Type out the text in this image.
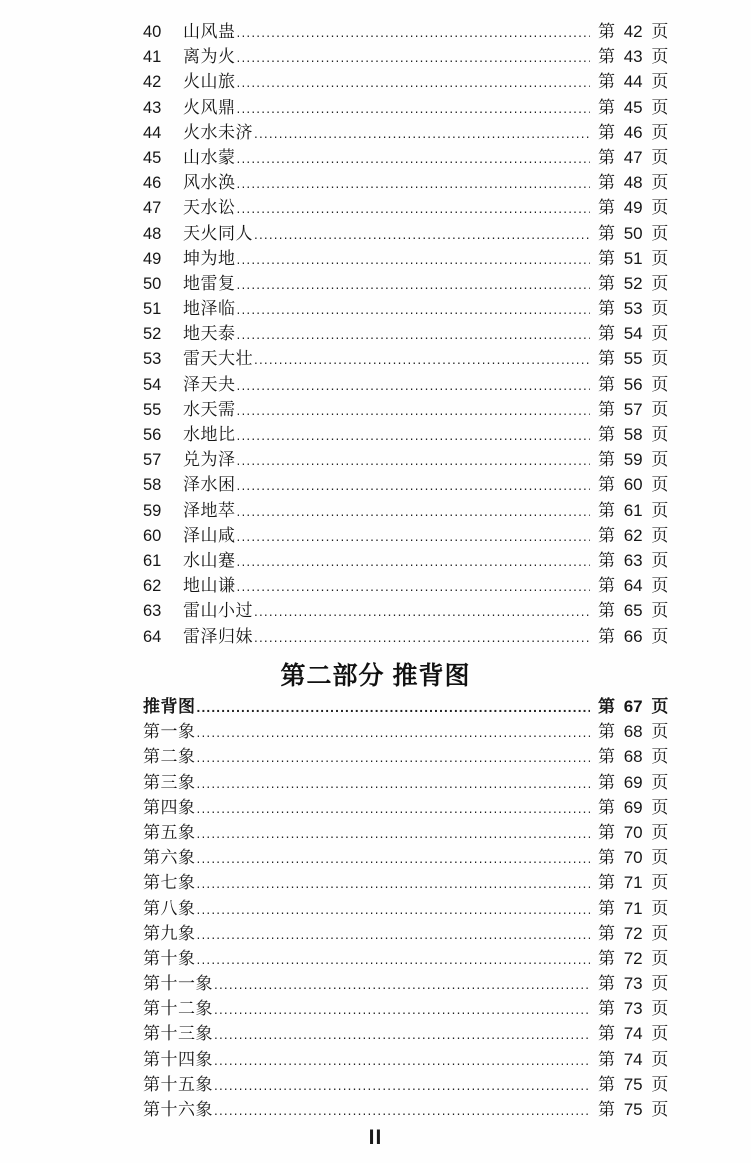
40	山风蛊 .....	第 42 页
41	离为火 .....	第 43 页
42	火山旅 .....	第 44 页
43	火风鼎 .....	第 45 页
44	火水未济 .....	第 46 页
45	山水蒙 .....	第 47 页
46	风水涣 .....	第 48 页
47	天水讼 .....	第 49 页
48	天火同人 .....	第 50 页
49	坤为地 .....	第 51 页
50	地雷复 .....	第 52 页
51	地泽临 .....	第 53 页
52	地天泰 .....	第 54 页
53	雷天大壮 .....	第 55 页
54	泽天夬 .....	第 56 页
55	水天需 .....	第 57 页
56	水地比 .....	第 58 页
57	兑为泽 .....	第 59 页
58	泽水困 .....	第 60 页
59	泽地萃 .....	第 61 页
60	泽山咸 .....	第 62 页
61	水山蹇 .....	第 63 页
62	地山谦 .....	第 64 页
63	雷山小过 .....	第 65 页
64	雷泽归妹 .....	第 66 页
第二部分 推背图
推背图 .....	第 67 页
第一象 .....	第 68 页
第二象 .....	第 68 页
第三象 .....	第 69 页
第四象 .....	第 69 页
第五象 .....	第 70 页
第六象 .....	第 70 页
第七象 .....	第 71 页
第八象 .....	第 71 页
第九象 .....	第 72 页
第十象 .....	第 72 页
第十一象 .....	第 73 页
第十二象 .....	第 73 页
第十三象 .....	第 74 页
第十四象 .....	第 74 页
第十五象 .....	第 75 页
第十六象 .....	第 75 页
II
